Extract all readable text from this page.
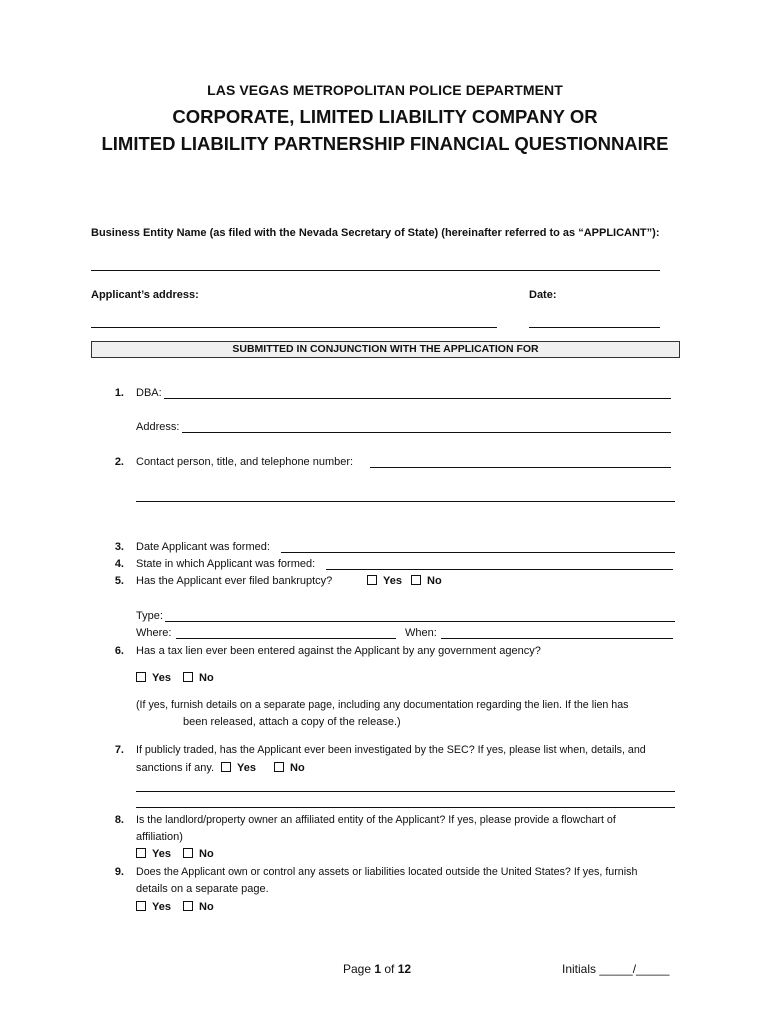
LAS VEGAS METROPOLITAN POLICE DEPARTMENT
CORPORATE, LIMITED LIABILITY COMPANY OR
LIMITED LIABILITY PARTNERSHIP FINANCIAL QUESTIONNAIRE
Business Entity Name (as filed with the Nevada Secretary of State) (hereinafter referred to as “APPLICANT”):
Applicant’s address:	Date:
SUBMITTED IN CONJUNCTION WITH THE APPLICATION FOR
1. DBA:
Address:
2. Contact person, title, and telephone number:
3. Date Applicant was formed:
4. State in which Applicant was formed:
5. Has the Applicant ever filed bankruptcy?	Yes	No
Type:
Where:	When:
6. Has a tax lien ever been entered against the Applicant by any government agency?
Yes	No
(If yes, furnish details on a separate page, including any documentation regarding the lien. If the lien has
been released, attach a copy of the release.)
7. If publicly traded, has the Applicant ever been investigated by the SEC? If yes, please list when, details, and
sanctions if any.	Yes	No
8. Is the landlord/property owner an affiliated entity of the Applicant? If yes, please provide a flowchart of
affiliation)
Yes	No
9. Does the Applicant own or control any assets or liabilities located outside the United States? If yes, furnish
details on a separate page.
Yes	No
Page 1 of 12	Initials _____/_____
